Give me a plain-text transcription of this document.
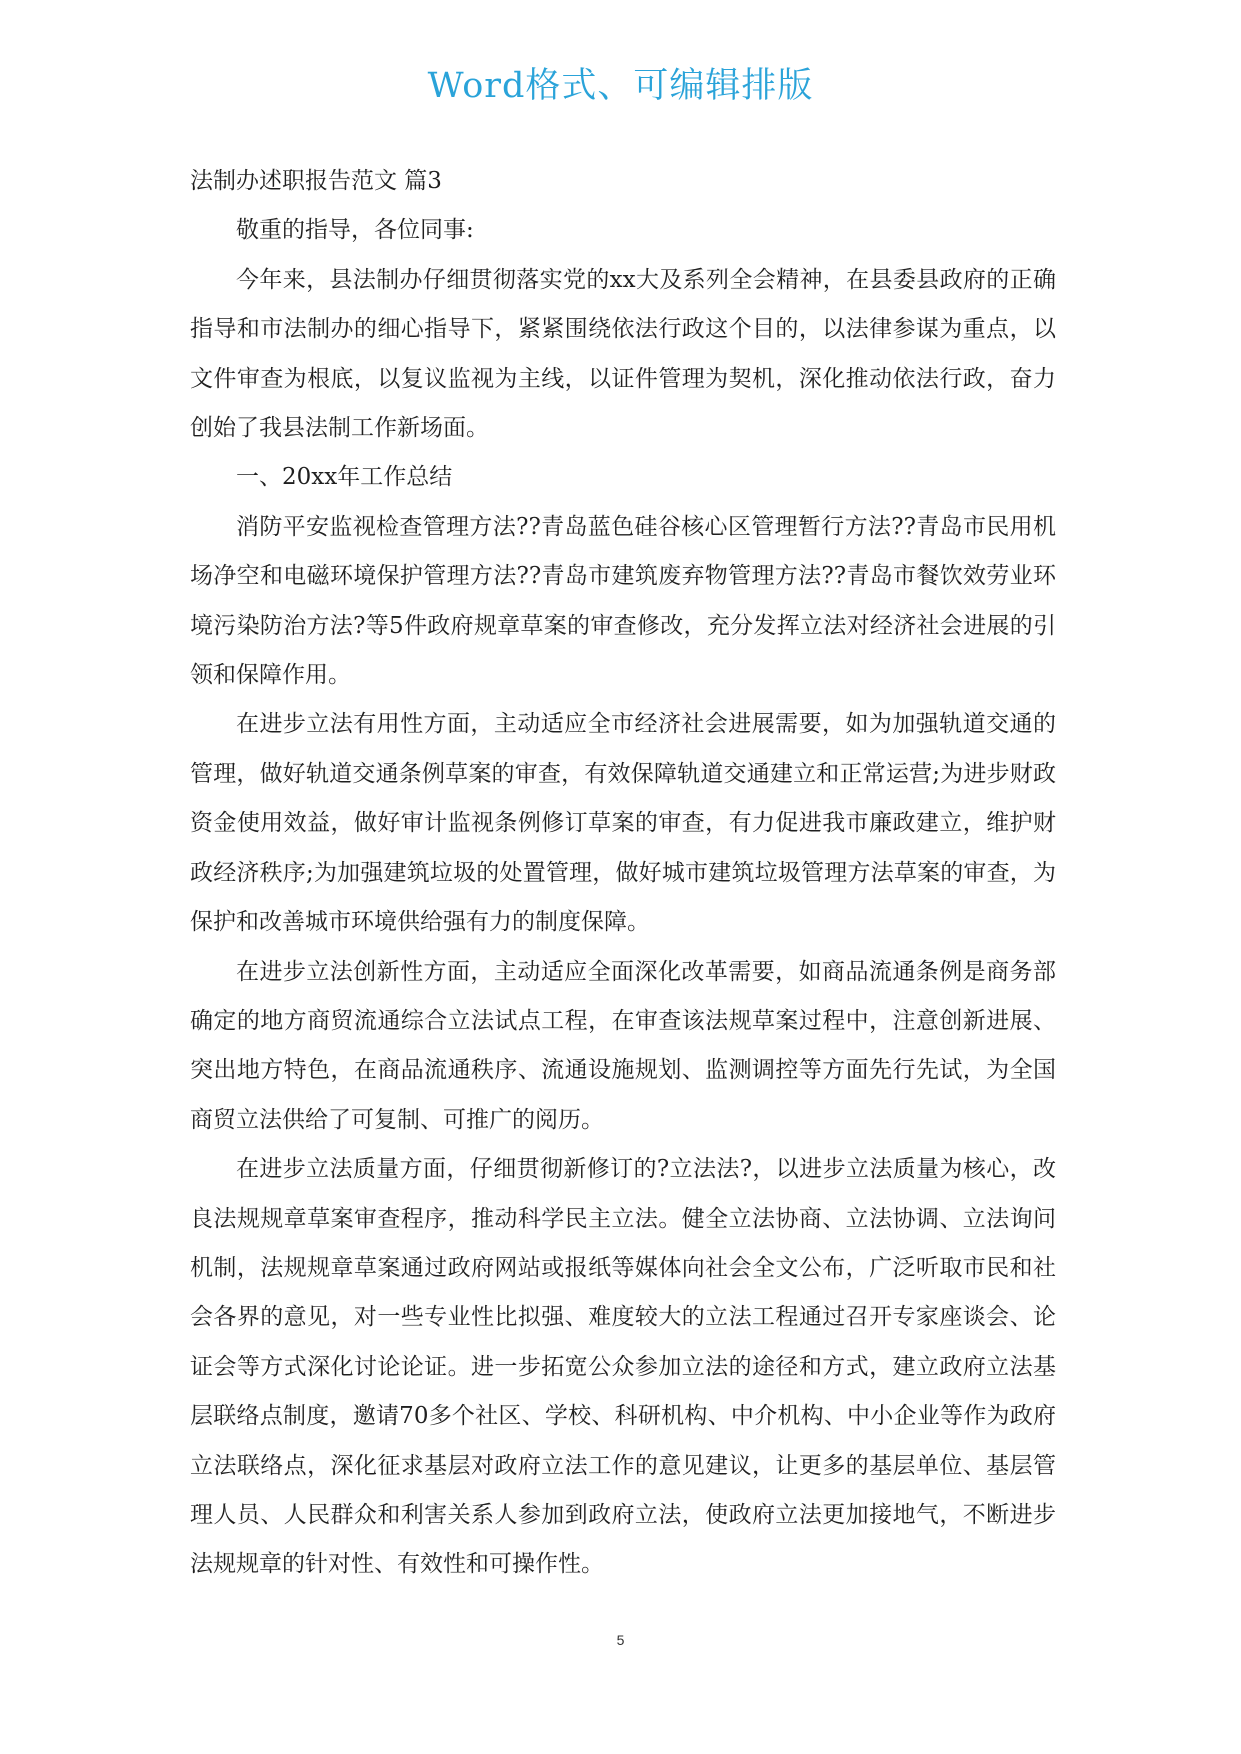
Word格式、可编辑排版

法制办述职报告范文 篇3

敬重的指导，各位同事:

今年来，县法制办仔细贯彻落实党的xx大及系列全会精神，在县委县政府的正确指导和市法制办的细心指导下，紧紧围绕依法行政这个目的，以法律参谋为重点，以文件审查为根底，以复议监视为主线，以证件管理为契机，深化推动依法行政，奋力创始了我县法制工作新场面。

一、20xx年工作总结

消防平安监视检查管理方法??青岛蓝色硅谷核心区管理暂行方法??青岛市民用机场净空和电磁环境保护管理方法??青岛市建筑废弃物管理方法??青岛市餐饮效劳业环境污染防治方法?等5件政府规章草案的审查修改，充分发挥立法对经济社会进展的引领和保障作用。

在进步立法有用性方面，主动适应全市经济社会进展需要，如为加强轨道交通的管理，做好轨道交通条例草案的审查，有效保障轨道交通建立和正常运营;为进步财政资金使用效益，做好审计监视条例修订草案的审查，有力促进我市廉政建立，维护财政经济秩序;为加强建筑垃圾的处置管理，做好城市建筑垃圾管理方法草案的审查，为保护和改善城市环境供给强有力的制度保障。

在进步立法创新性方面，主动适应全面深化改革需要，如商品流通条例是商务部确定的地方商贸流通综合立法试点工程，在审查该法规草案过程中，注意创新进展、突出地方特色，在商品流通秩序、流通设施规划、监测调控等方面先行先试，为全国商贸立法供给了可复制、可推广的阅历。

在进步立法质量方面，仔细贯彻新修订的?立法法?，以进步立法质量为核心，改良法规规章草案审查程序，推动科学民主立法。健全立法协商、立法协调、立法询问机制，法规规章草案通过政府网站或报纸等媒体向社会全文公布，广泛听取市民和社会各界的意见，对一些专业性比拟强、难度较大的立法工程通过召开专家座谈会、论证会等方式深化讨论论证。进一步拓宽公众参加立法的途径和方式，建立政府立法基层联络点制度，邀请70多个社区、学校、科研机构、中介机构、中小企业等作为政府立法联络点，深化征求基层对政府立法工作的意见建议，让更多的基层单位、基层管理人员、人民群众和利害关系人参加到政府立法，使政府立法更加接地气，不断进步法规规章的针对性、有效性和可操作性。

5
